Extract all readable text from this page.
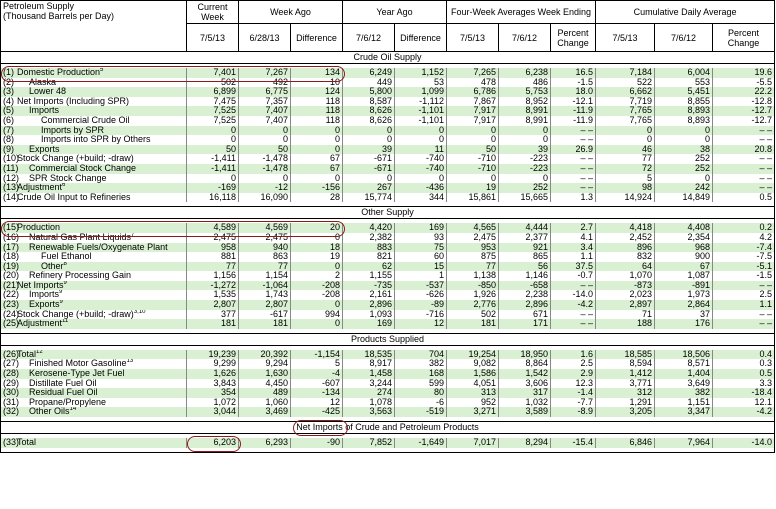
Petroleum Supply
(Thousand Barrels per Day)	Current Week	Week Ago		Year Ago		Four-Week Averages Week Ending			Cumulative Daily Average		
	7/5/13	6/28/13	Difference	7/6/12	Difference	7/5/13	7/6/12	Percent Change	7/5/13	7/6/12	Percent Change
Crude Oil Supply											

(1) Domestic Production$^5$	7,401	7,267	134	6,249	1,152	7,265	6,238	16.5	7,184	6,004	19.6
(2) Alaska	502	492	10	449	53	478	486	-1.5	522	553	-5.5
(3) Lower 48	6,899	6,775	124	5,800	1,099	6,786	5,753	18.0	6,662	5,451	22.2
(4) Net Imports (Including SPR)	7,475	7,357	118	8,587	-1,112	7,867	8,952	-12.1	7,719	8,855	-12.8
(5) Imports	7,525	7,407	118	8,626	-1,101	7,917	8,991	-11.9	7,765	8,893	-12.7
(6) Commercial Crude Oil	7,525	7,407	118	8,626	-1,101	7,917	8,991	-11.9	7,765	8,893	-12.7
(7) Imports by SPR	0	0	0	0	0	0	0	– –	0	0	– –
(8) Imports into SPR by Others	0	0	0	0	0	0	0	– –	0	0	– –
(9) Exports	50	50	0	39	11	50	39	26.9	46	38	20.8
(10)Stock Change (+build; -draw)	-1,411	-1,478	67	-671	-740	-710	-223	– –	77	252	– –
(11) Commercial Stock Change	-1,411	-1,478	67	-671	-740	-710	-223	– –	72	252	– –
(12) SPR Stock Change	0	0	0	0	0	0	0	– –	5	0	– –
(13)Adjustment$^6$	-169	-12	-156	267	-436	19	252	– –	98	242	– –
(14)Crude Oil Input to Refineries	16,118	16,090	28	15,774	344	15,861	15,665	1.3	14,924	14,849	0.5

Other Supply											

(15)Production	4,589	4,569	20	4,420	169	4,565	4,444	2.7	4,418	4,408	0.2
(16) Natural Gas Plant Liquids$^7$	2,475	2,475	0	2,382	93	2,475	2,377	4.1	2,452	2,354	4.2
(17) Renewable Fuels/Oxygenate Plant	958	940	18	883	75	953	921	3.4	896	968	-7.4
(18) Fuel Ethanol	881	863	19	821	60	875	865	1.1	832	900	-7.5
(19) Other$^8$	77	77	0	62	15	77	56	37.5	64	67	-5.1
(20) Refinery Processing Gain	1,156	1,154	2	1,155	1	1,138	1,146	-0.7	1,070	1,087	-1.5
(21)Net Imports$^9$	-1,272	-1,064	-208	-735	-537	-850	-658	– –	-873	-891	– –
(22) Imports$^9$	1,535	1,743	-208	2,161	-626	1,926	2,238	-14.0	2,023	1,973	2.5
(23) Exports$^9$	2,807	2,807	0	2,896	-89	2,776	2,896	-4.2	2,897	2,864	1.1
(24)Stock Change (+build; -draw)$^{3,10}$	377	-617	994	1,093	-716	502	671	– –	71	37	– –
(25)Adjustment$^{11}$	181	181	0	169	12	181	171	– –	188	176	– –

Products Supplied											

(26)Total$^{12}$	19,239	20,392	-1,154	18,535	704	19,254	18,950	1.6	18,585	18,506	0.4
(27) Finished Motor Gasoline$^{13}$	9,299	9,294	5	8,917	382	9,082	8,864	2.5	8,594	8,571	0.3
(28) Kerosene-Type Jet Fuel	1,626	1,630	-4	1,458	168	1,586	1,542	2.9	1,412	1,404	0.5
(29) Distillate Fuel Oil	3,843	4,450	-607	3,244	599	4,051	3,606	12.3	3,771	3,649	3.3
(30) Residual Fuel Oil	354	489	-134	274	80	313	317	-1.4	312	382	-18.4
(31) Propane/Propylene	1,072	1,060	12	1,078	-6	952	1,032	-7.7	1,291	1,151	12.1
(32) Other Oils$^{14}$	3,044	3,469	-425	3,563	-519	3,271	3,589	-8.9	3,205	3,347	-4.2

Net Imports of Crude and Petroleum Products											

(33)Total	6,203	6,293	-90	7,852	-1,649	7,017	8,294	-15.4	6,846	7,964	-14.0
